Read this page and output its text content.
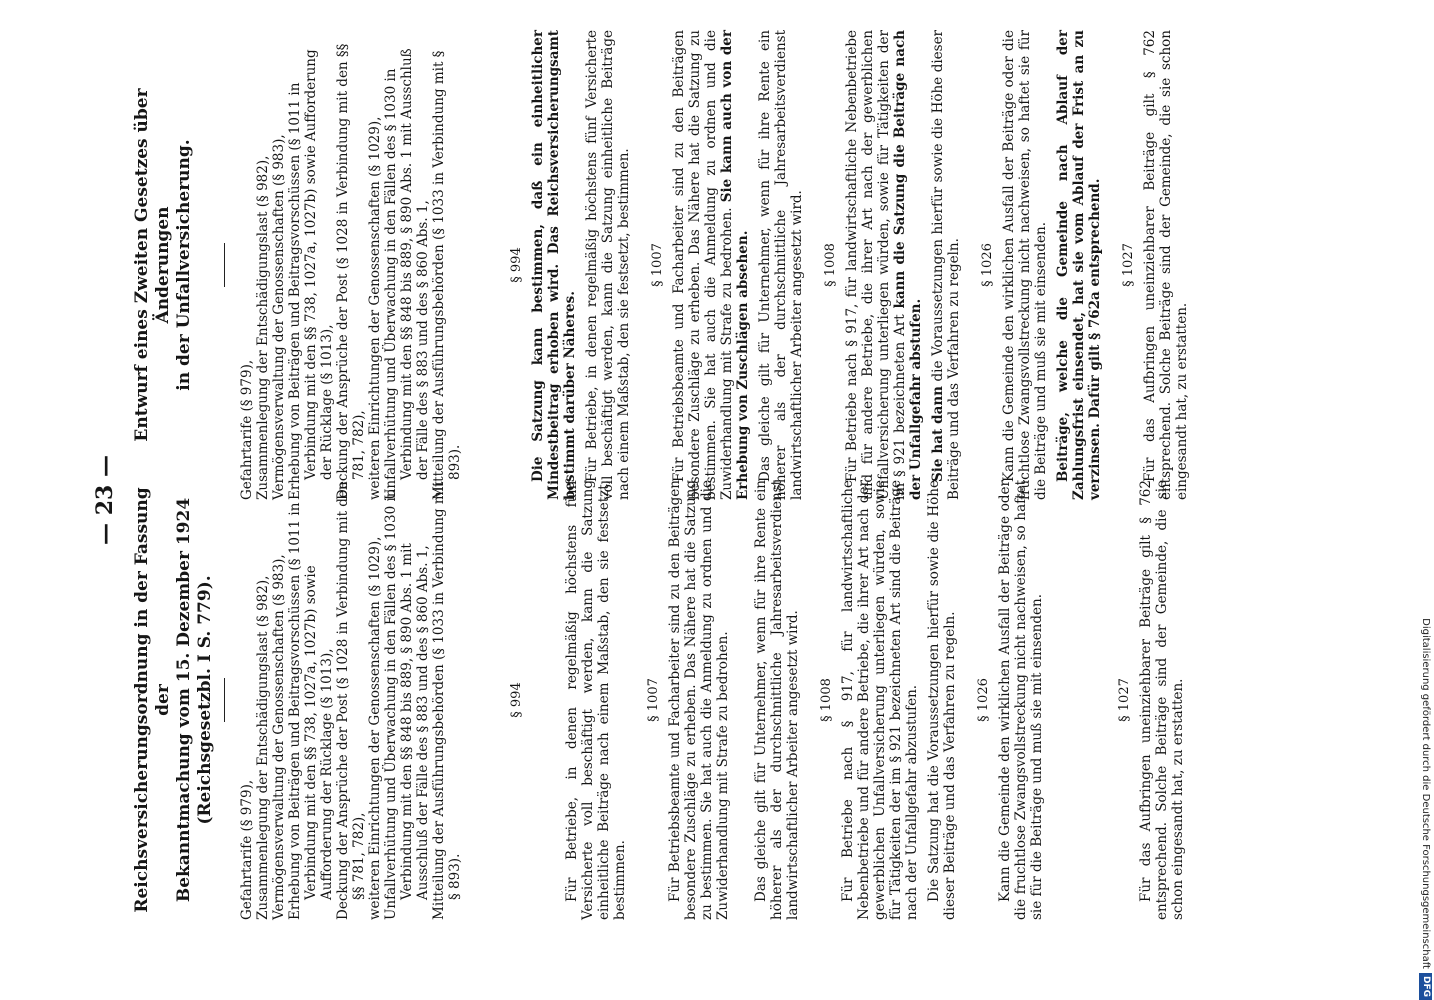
— 23 — Reichsversicherungsordnung in der Fassung der Bekanntmachung vom 15. Dezember 1924 (Reichsgesetzbl. I S. 779).

Gefahrtarife (§ 979), Zusammenlegung der Entschädigungslast (§ 982), Vermögensverwaltung der Genossenschaften (§ 983), Erhebung von Beiträgen und Beitragsvorschüssen (§ 1011 in Verbindung mit den §§ 738, 1027a, 1027b) sowie Aufforderung der Rücklage (§ 1013), Deckung der Ansprüche der Post (§ 1028 in Verbindung mit den §§ 781, 782), weiteren Einrichtungen der Genossenschaften (§ 1029), Unfallverhütung und Überwachung in den Fällen des § 1030 in Verbindung mit den §§ 848 bis 889, § 890 Abs. 1 mit Ausschluß der Fälle des § 883 und des § 860 Abs. 1, Mitteilung der Ausführungsbehörden (§ 1033 in Verbindung mit § 893).

§ 994	Für Betriebe, in denen regelmäßig höchstens fünf Versicherte voll beschäftigt werden, kann die Satzung einheitliche Beiträge nach einem Maßstab, den sie festsetzt, bestimmen.

§ 1007 Für Betriebsbeamte und Facharbeiter sind zu den Beiträgen besondere Zuschläge zu erheben. Das Nähere hat die Satzung zu bestimmen. Sie hat auch die Anmeldung zu ordnen und die Zuwiderhandlung mit Strafe zu bedrohen. Das gleiche gilt für Unternehmer, wenn für ihre Rente ein höherer als der durchschnittliche Jahresarbeitsverdienst landwirtschaftlicher Arbeiter angesetzt wird. § 1008 Für Betriebe nach § 917, für landwirtschaftliche Nebenbetriebe und für andere Betriebe, die ihrer Art nach der gewerblichen Unfallversicherung unterliegen würden, sowie für Tätigkeiten der im § 921 bezeichneten Art sind die Beiträge nach der Unfallgefahr abzustufen. Die Satzung hat die Voraussetzungen hierfür sowie die Höhe dieser Beiträge und das Verfahren zu regeln. § 1026 Kann die Gemeinde den wirklichen Ausfall der Beiträge oder die fruchtlose Zwangsvollstreckung nicht nachweisen, so haftet sie für die Beiträge und muß sie mit einsenden.	§ 1027 Für das Aufbringen uneinziehbarer Beiträge gilt § 762 entsprechend. Solche Beiträge sind der Gemeinde, die sie schon eingesandt hat, zu erstatten.

Entwurf eines Zweiten Gesetzes über Änderungen in der Unfallversicherung.

Gefahrtarife (§ 979), Zusammenlegung der Entschädigungslast (§ 982), Vermögensverwaltung der Genossenschaften (§ 983), Erhebung von Beiträgen und Beitragsvorschüssen (§ 1011 in Verbindung mit den §§ 738, 1027a, 1027b) sowie Aufforderung der Rücklage (§ 1013), Deckung der Ansprüche der Post (§ 1028 in Verbindung mit den §§ 781, 782), weiteren Einrichtungen der Genossenschaften (§ 1029), Unfallverhütung und Überwachung in den Fällen des § 1030 in Verbindung mit den §§ 848 bis 889, § 890 Abs. 1 mit Ausschluß der Fälle des § 883 und des § 860 Abs. 1, Mitteilung der Ausführungsbehörden (§ 1033 in Verbindung mit § 893).

§ 994 Die Satzung kann bestimmen, daß ein einheitlicher Mindestbeitrag erhoben wird. Das Reichsversicherungsamt bestimmt darüber Näheres. Für Betriebe, in denen regelmäßig höchstens fünf Versicherte voll beschäftigt werden, kann die Satzung einheitliche Beiträge nach einem Maßstab, den sie festsetzt, bestimmen. § 1007 Für Betriebsbeamte und Facharbeiter sind zu den Beiträgen besondere Zuschläge zu erheben. Das Nähere hat die Satzung zu bestimmen. Sie hat auch die Anmeldung zu ordnen und die Zuwiderhandlung mit Strafe zu bedrohen. Sie kann auch von der Erhebung von Zuschlägen absehen. Das gleiche gilt für Unternehmer, wenn für ihre Rente ein höherer als der durchschnittliche Jahresarbeitsverdienst landwirtschaftlicher Arbeiter angesetzt wird. § 1008 Für Betriebe nach § 917, für landwirtschaftliche Nebenbetriebe und für andere Betriebe, die ihrer Art nach der gewerblichen Unfallversicherung unterliegen würden, sowie für Tätigkeiten der im § 921 bezeichneten Art kann die Satzung die Beiträge nach der Unfallgefahr abstufen. Sie hat dann die Voraussetzungen hierfür sowie die Höhe dieser Beiträge und das Verfahren zu regeln. § 1026 Kann die Gemeinde den wirklichen Ausfall der Beiträge oder die fruchtlose Zwangsvollstreckung nicht nachweisen, so haftet sie für die Beiträge und muß sie mit einsenden. Beiträge, welche die Gemeinde nach Ablauf der Zahlungsfrist einsendet, hat sie vom Ablauf der Frist an zu verzinsen. Dafür gilt § 762a entsprechend. § 1027 Für das Aufbringen uneinziehbarer Beiträge gilt § 762 entsprechend. Solche Beiträge sind der Gemeinde, die sie schon eingesandt hat, zu erstatten.

Digitalisierung gefördert durch die Deutsche Forschungsgemeinschaft
DFG
